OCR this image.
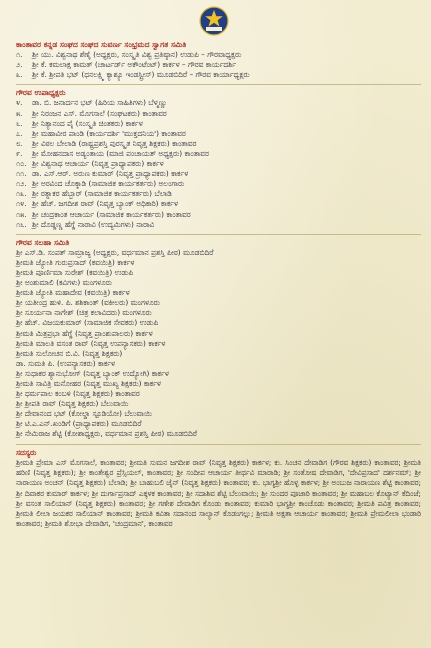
ಕಾಂತಾವರ ಕನ್ನಡ ಸಂಘದ ಸಂಘದ ಸುವರ್ಣ ಸಂಭ್ರಮದ ಸ್ವಾಗತ ಸಮಿತಿ
೧.	ಶ್ರೀ ಯು. ವಿಶ್ವನಾಥ ಶೆಣೈ (ಅಧ್ಯಕ್ಷರು, ಸಂಸ್ಕೃತಿ ವಿಶ್ವ ಪ್ರತಿಷ್ಠಾನ) ಉಡುಪಿ – ಗೌರವಾಧ್ಯಕ್ಷರು
೨.	ಶ್ರೀ ಕೆ. ಕಮಲಾಕ್ಷ ಕಾಮತ್ (ಚಾರ್ಟರ್ಡ್ ಅಕೌಂಟೆಂಟ್) ಕಾರ್ಕಳ – ಗೌರವ ಕಾರ್ಯದರ್ಶಿ
೩.	ಶ್ರೀ ಕೆ. ಶ್ರೀಪತಿ ಭಟ್ (ಧನಲಕ್ಷ್ಮಿ ಕ್ಯಾಶ್ಯೂ ಇಂಡಸ್ಟ್ರೀಸ್) ಮೂಡಬಿದಿರೆ – ಗೌರವ ಕಾರ್ಯಾಧ್ಯಕ್ಷರು
ಗೌರವ ಉಪಾಧ್ಯಕ್ಷರು
೪.	ಡಾ. ಬಿ. ಜನಾರ್ದನ ಭಟ್ (ಹಿರಿಯ ಸಾಹಿತಿಗಳು) ಬೆಳ್ಮಣ್ಣು
೫.	ಶ್ರೀ ನಿರಂಜನ ಎಸ್. ಮೊಗಸಾಲೆ (ಸಂಘಟಕರು) ಕಾಂತಾವರ
೬.	ಶ್ರೀ ನಿತ್ಯಾನಂದ ಪೈ (ಸಂಸ್ಕೃತಿ ಚಿಂತಕರು) ಕಾರ್ಕಳ
೭.	ಶ್ರೀ ಮಹಾವೀರ ಪಾಂಡಿ (ಕಾರ್ಯದರ್ಶಿ 'ಮುಕ್ತದನಿಯ') ಕಾಂತಾವರ
೮.	ಶ್ರೀ ವಿಠಲ ಬೇಲಾಡಿ (ರಾಷ್ಟ್ರಪ್ರಶಸ್ತಿ ಪುರಸ್ಕೃತ ನಿವೃತ್ತ ಶಿಕ್ಷಕರು) ಕಾಂತಾವರ
೯.	ಶ್ರೀ ಮೋಹನದಾಸ ಅಡ್ಯಂತಾಯ (ಮಾಜಿ ಪಂಚಾಯತ್ ಅಧ್ಯಕ್ಷರು) ಕಾಂತಾವರ
೧೦. ಶ್ರೀ ವಿಶ್ವನಾಥ ಆಚಾರ್ಯ (ನಿವೃತ್ತ ಪ್ರಾಧ್ಯಾಪಕರು) ಕಾರ್ಕಳ
೧೧. ಡಾ. ಎಸ್.ಆರ್. ಅರುಣ ಕುಮಾರ್ (ನಿವೃತ್ತ ಪ್ರಾಧ್ಯಾಪಕರು) ಕಾರ್ಕಳ
೧೨. ಶ್ರೀ ಅರವಿಂದ ಚೊಕ್ಕಾಡಿ (ಸಾಮಾಜಿಕ ಕಾರ್ಯಕರ್ತರು) ಅಲಂಗಾರು
೧೩. ಶ್ರೀ ರತ್ನಾಕರ ಹೆಬ್ಬಾರ್ (ಸಾಮಾಜಿಕ ಕಾರ್ಯಕರ್ತರು) ಬೆಲಾಡಿ
೧೪. ಶ್ರೀ ಹೆಚ್. ಜಗದೀಶ ರಾವ್ (ನಿವೃತ್ತ ಬ್ಯಾಂಕ್ ಅಧಿಕಾರಿ) ಕಾರ್ಕಳ
೧೫. ಶ್ರೀ ಚಂದ್ರಕಾಂತ ಆಚಾರ್ಯ (ಸಾಮಾಜಿಕ ಕಾರ್ಯಕರ್ತರು) ಕಾಂತಾವರ
೧೬. ಶ್ರೀ ದೊಡ್ಡಣ್ಣ ಹೆಗ್ಡೆ ನಾರಾವಿ (ಉದ್ಯಮಿಗಳು) ನಾರಾವಿ
ಗೌರವ ಸಲಹಾ ಸಮಿತಿ
ಶ್ರೀ ಎಸ್.ಡಿ. ಸಂಪತ್ ಸಾಮ್ರಾಜ್ಯ (ಅಧ್ಯಕ್ಷರು, ವರ್ಧಮಾನ ಪ್ರಶಸ್ತಿ ಪೀಠ) ಮೂಡಬಿದಿರೆ
ಶ್ರೀಮತಿ ಜ್ಯೋತಿ ಗುರುಪ್ರಸಾದ್ (ಕವಯಿತ್ರಿ) ಕಾರ್ಕಳ
ಶ್ರೀಮತಿ ಪೂರ್ಣಿಮಾ ಸುರೇಶ್ (ಕವಯಿತ್ರಿ) ಉಡುಪಿ
ಶ್ರೀ ಅಂಶುಮಾಲಿ (ಕವಿಗಳು) ಮಂಗಳೂರು
ಶ್ರೀಮತಿ ಜ್ಯೋತಿ ಮಹಾದೇವ (ಕವಯಿತ್ರಿ) ಕಾರ್ಕಳ
ಶ್ರೀ ಯತೀಂದ್ರ ಹುಳಿ. ಪಿ. ಶಶಿಕಾಂತ್ (ವಕೀಲರು) ಮಂಗಳೂರು
ಶ್ರೀ ಸೂರ್ಯನಾ ನಾಗೇಶ್ (ಚಿತ್ರ ಕಲಾವಿದರು) ಮಂಗಳೂರು
ಶ್ರೀ ಹೆಚ್. ವಿಜಯಕುಮಾರ್ (ಸಾಮಾಜಿಕ ಸೇವಕರು) ಉಡುಪಿ
ಶ್ರೀಮತಿ ಮಿತ್ರಪ್ರಭಾ ಹೆಗ್ಡೆ (ನಿವೃತ್ತ ಪ್ರಾಂಶುಪಾಲರು) ಕಾರ್ಕಳ
ಶ್ರೀಮತಿ ಮಾಲತಿ ವಸಂತ ರಾವ್ (ನಿವೃತ್ತ ಉಪನ್ಯಾಸಕರು) ಕಾರ್ಕಳ
ಶ್ರೀಮತಿ ಸುಲೋಚನ ಬಿ.ವಿ. (ನಿವೃತ್ತ ಶಿಕ್ಷಕರು)
ಡಾ. ಸುಮತಿ ಪಿ. (ಉಪನ್ಯಾಸಕರು) ಕಾರ್ಕಳ
ಶ್ರೀ ಸುಧಾಕರ ಶ್ಯಾನುಭೋಗ್ (ನಿವೃತ್ತ ಬ್ಯಾಂಕ್ ಉದ್ಯೋಗಿ) ಕಾರ್ಕಳ
ಶ್ರೀಮತಿ ಸಾವಿತ್ರಿ ಮನೋಹರ (ನಿವೃತ್ತ ಮುಖ್ಯ ಶಿಕ್ಷಕರು) ಕಾರ್ಕಳ
ಶ್ರೀ ಧರ್ಮಪಾಲ ಕಂಬಳಿ (ನಿವೃತ್ತ ಶಿಕ್ಷಕರು) ಕಾಂತಾವರ
ಶ್ರೀ ಶ್ರೀಪತಿ ರಾವ್ (ನಿವೃತ್ತ ಶಿಕ್ಷಕರು) ಬೆಲುವಾಯಿ
ಶ್ರೀ ದೇವಾನಂದ ಭಟ್ (ಕೋಲ್ಡಾ ಸ್ಟೂಡಿಯೋ) ಬೆಲುವಾಯಿ
ಶ್ರೀ ಟಿ.ಎ.ಎನ್.ಖಂಡಿಗೆ (ಪ್ರಾಧ್ಯಾಪಕರು) ಮೂಡಬಿದಿರೆ
ಶ್ರೀ ನೇಮಿರಾಜ ಶೆಟ್ಟಿ (ಕೋಶಾಧ್ಯಕ್ಷರು, ವರ್ಧಮಾನ ಪ್ರಶಸ್ತಿ ಪೀಠ) ಮೂಡಬಿದಿರೆ
ಸದಸ್ಯರು
ಶ್ರೀಮತಿ ಪ್ರೇಮಾ ಎಸ್ ಮೊಗಸಾಲೆ, ಕಾಂತಾವರ; ಶ್ರೀಮತಿ ಸುಮನ ಜಗದೀಶ ರಾವ್ (ನಿವೃತ್ತ ಶಿಕ್ಷಕರು) ಕಾರ್ಕಳ; ಕು. ಸಿಂಚನ ದೇವಾಡಿಗ (ಗೌರವ ಶಿಕ್ಷಕರು) ಕಾಂತಾವರ; ಶ್ರೀಮತಿ ಹರಿಣಿ (ನಿವೃತ್ತ ಶಿಕ್ಷಕರು); ಶ್ರೀ ಕಾಂತೇಶ್ವರ ಪ್ರೆಸ್ಸಿಯಲ್, ಕಾಂತಾವರ; ಶ್ರೀ ಸಂದೀಪ ಆಚಾರ್ಯ ತೀರ್ಥವಿ ಮಾರಾಡಿ; ಶ್ರೀ ಸಂತೋಷ ದೇವಾಡಿಗ, 'ದೇವಿಪ್ರಸಾದ' ದರ್ಶನಮ್; ಶ್ರೀ ನಾರಾಯಣ ಅಂಚನ್ (ನಿವೃತ್ತ ಶಿಕ್ಷಕರು) ಬೆಲಾಡಿ; ಶ್ರೀ ಬಾಹುಬಲಿ ಜೈನ್ (ನಿವೃತ್ತ ಶಿಕ್ಷಕರು) ಕಾಂತಾವರ; ಕು. ಭಾಗ್ಯಶ್ರೀ ಹೊಳ್ಳ ಕಾರ್ಕಳ; ಶ್ರೀ ಅಂಬುಜ ನಾರಾಯಣ ಶೆಟ್ಟಿ ಕಾಂತಾವರ; ಶ್ರೀ ದಿವಾಕರ ಕುಮಾರ್ ಕಾರ್ಕಳ; ಶ್ರೀ ದುರ್ಗಾಪ್ರಸಾದ್ ಎಕ್ಕಳಕ ಕಾಂತಾವರ; ಶ್ರೀ ಸದಾಶಿವ ಶೆಟ್ಟಿ ಬೆಲುವಾಯಿ; ಶ್ರೀ ಸುಂದರ ಪೂಜಾರಿ ಕಾಂತಾವರ; ಶ್ರೀ ಮಹಾಬಲ ಕೊಟ್ಯಾನ್ ಕೆದಿಂಜೆ; ಶ್ರೀ ವಸಂತ ಸಾಲಿಯಾನ್ (ನಿವೃತ್ತ ಶಿಕ್ಷಕರು) ಕಾಂತಾವರ; ಶ್ರೀ ಗಣೇಶ ದೇವಾಡಿಗ ಕೊಂಡು ಕಾಂತಾವರ; ಕುಮಾರಿ ಭಾಗ್ಯಶ್ರೀ ಕಾಂಚೊಡು ಕಾಂತಾವರ; ಶ್ರೀಮತಿ ಪವಿತ್ರ ಕಾಂತಾವರ; ಶ್ರೀಮತಿ ಲೀಲಾ ಜಯಕರ ಸಾಲಿಯಾನ್ ಕಾಂತಾವರ; ಶ್ರೀಮತಿ ಕವಿತಾ ಸದಾನಂದ ಸಾಲ್ಯಾನ್ ಕೊಡಂಗಲ್ಲು; ಶ್ರೀಮತಿ ಅಕ್ಷತಾ ಆಚಾರ್ಯ ಕಾಂತಾವರ; ಶ್ರೀಮತಿ ಪ್ರೇಮಲೀಲಾ ಭಂಡಾರಿ ಕಾಂತಾವರ; ಶ್ರೀಮತಿ ಶೋಭಾ ದೇವಾಡಿಗ, 'ಚಂದ್ರಮಾನ', ಕಾಂತಾವರ
